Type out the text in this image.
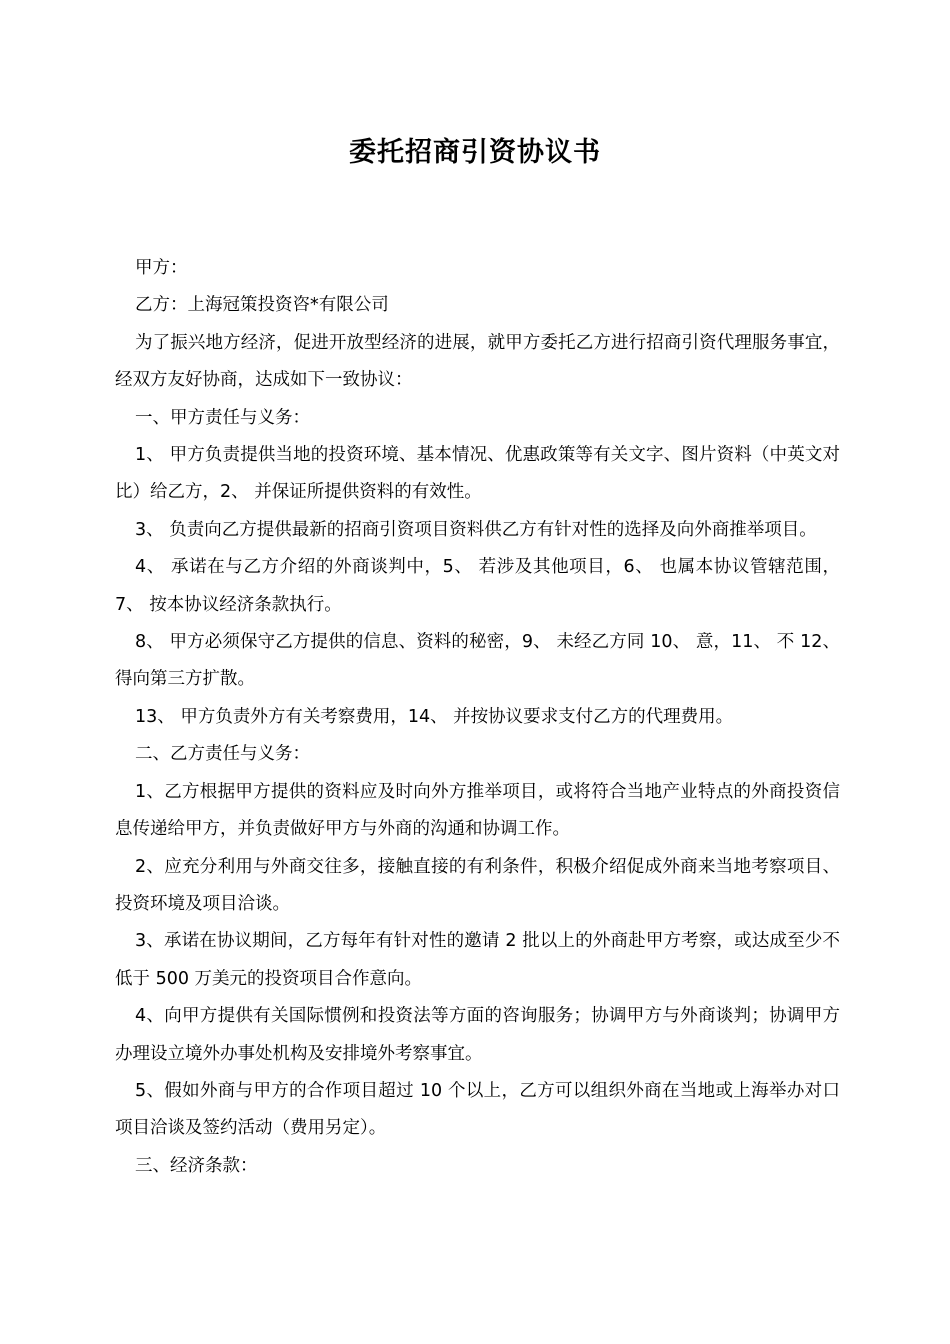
委托招商引资协议书

甲方：

乙方：上海冠策投资咨*有限公司

为了振兴地方经济，促进开放型经济的进展，就甲方委托乙方进行招商引资代理服务事宜，经双方友好协商，达成如下一致协议：

一、甲方责任与义务：

1、 甲方负责提供当地的投资环境、基本情况、优惠政策等有关文字、图片资料（中英文对比）给乙方，2、 并保证所提供资料的有效性。

3、 负责向乙方提供最新的招商引资项目资料供乙方有针对性的选择及向外商推举项目。

4、 承诺在与乙方介绍的外商谈判中，5、 若涉及其他项目，6、 也属本协议管辖范围，7、 按本协议经济条款执行。

8、 甲方必须保守乙方提供的信息、资料的秘密，9、 未经乙方同 10、 意，11、 不 12、 得向第三方扩散。

13、 甲方负责外方有关考察费用，14、 并按协议要求支付乙方的代理费用。

二、乙方责任与义务：

1、乙方根据甲方提供的资料应及时向外方推举项目，或将符合当地产业特点的外商投资信息传递给甲方，并负责做好甲方与外商的沟通和协调工作。

2、应充分利用与外商交往多，接触直接的有利条件，积极介绍促成外商来当地考察项目、投资环境及项目洽谈。

3、承诺在协议期间，乙方每年有针对性的邀请 2 批以上的外商赴甲方考察，或达成至少不低于 500 万美元的投资项目合作意向。

4、向甲方提供有关国际惯例和投资法等方面的咨询服务；协调甲方与外商谈判；协调甲方办理设立境外办事处机构及安排境外考察事宜。

5、假如外商与甲方的合作项目超过 10 个以上，乙方可以组织外商在当地或上海举办对口项目洽谈及签约活动（费用另定）。

三、经济条款：
